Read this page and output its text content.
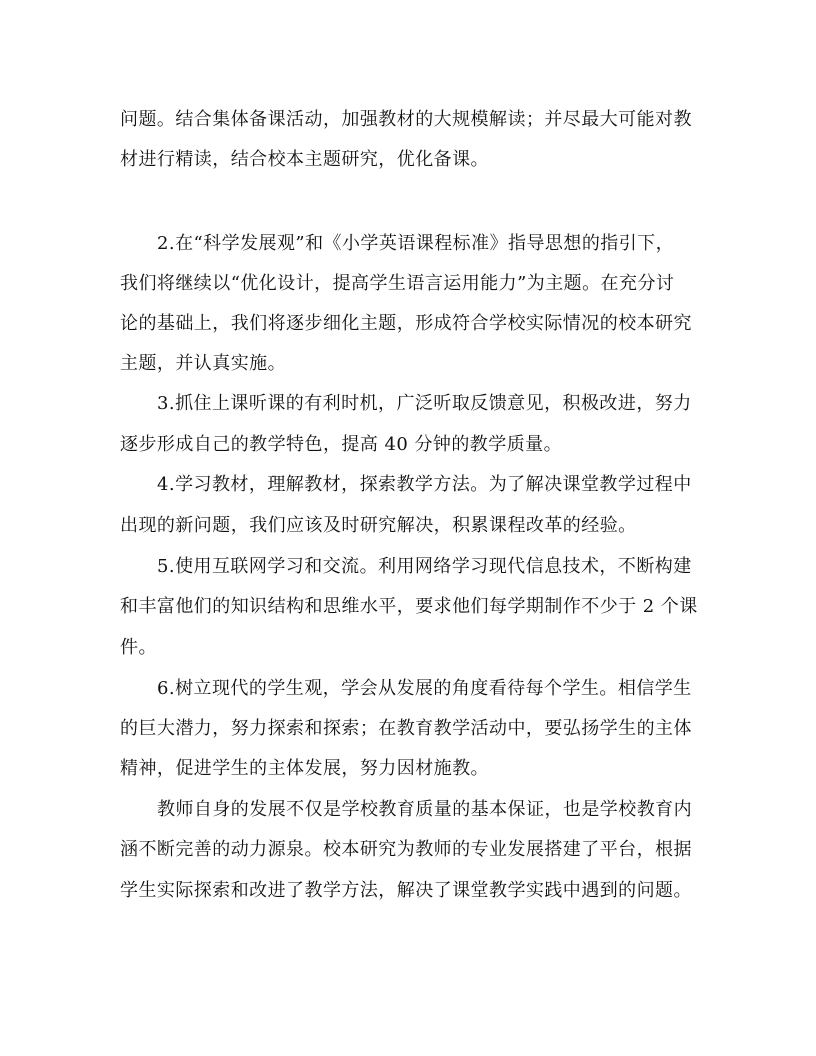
问题。结合集体备课活动，加强教材的大规模解读；并尽最大可能对教

材进行精读，结合校本主题研究，优化备课。

2.在“科学发展观”和《小学英语课程标准》指导思想的指引下，

我们将继续以“优化设计，提高学生语言运用能力”为主题。在充分讨

论的基础上，我们将逐步细化主题，形成符合学校实际情况的校本研究

主题，并认真实施。

3.抓住上课听课的有利时机，广泛听取反馈意见，积极改进，努力

逐步形成自己的教学特色，提高 40 分钟的教学质量。

4.学习教材，理解教材，探索教学方法。为了解决课堂教学过程中

出现的新问题，我们应该及时研究解决，积累课程改革的经验。

5.使用互联网学习和交流。利用网络学习现代信息技术，不断构建

和丰富他们的知识结构和思维水平，要求他们每学期制作不少于 2 个课

件。

6.树立现代的学生观，学会从发展的角度看待每个学生。相信学生

的巨大潜力，努力探索和探索；在教育教学活动中，要弘扬学生的主体

精神，促进学生的主体发展，努力因材施教。

教师自身的发展不仅是学校教育质量的基本保证，也是学校教育内

涵不断完善的动力源泉。校本研究为教师的专业发展搭建了平台，根据

学生实际探索和改进了教学方法，解决了课堂教学实践中遇到的问题。
